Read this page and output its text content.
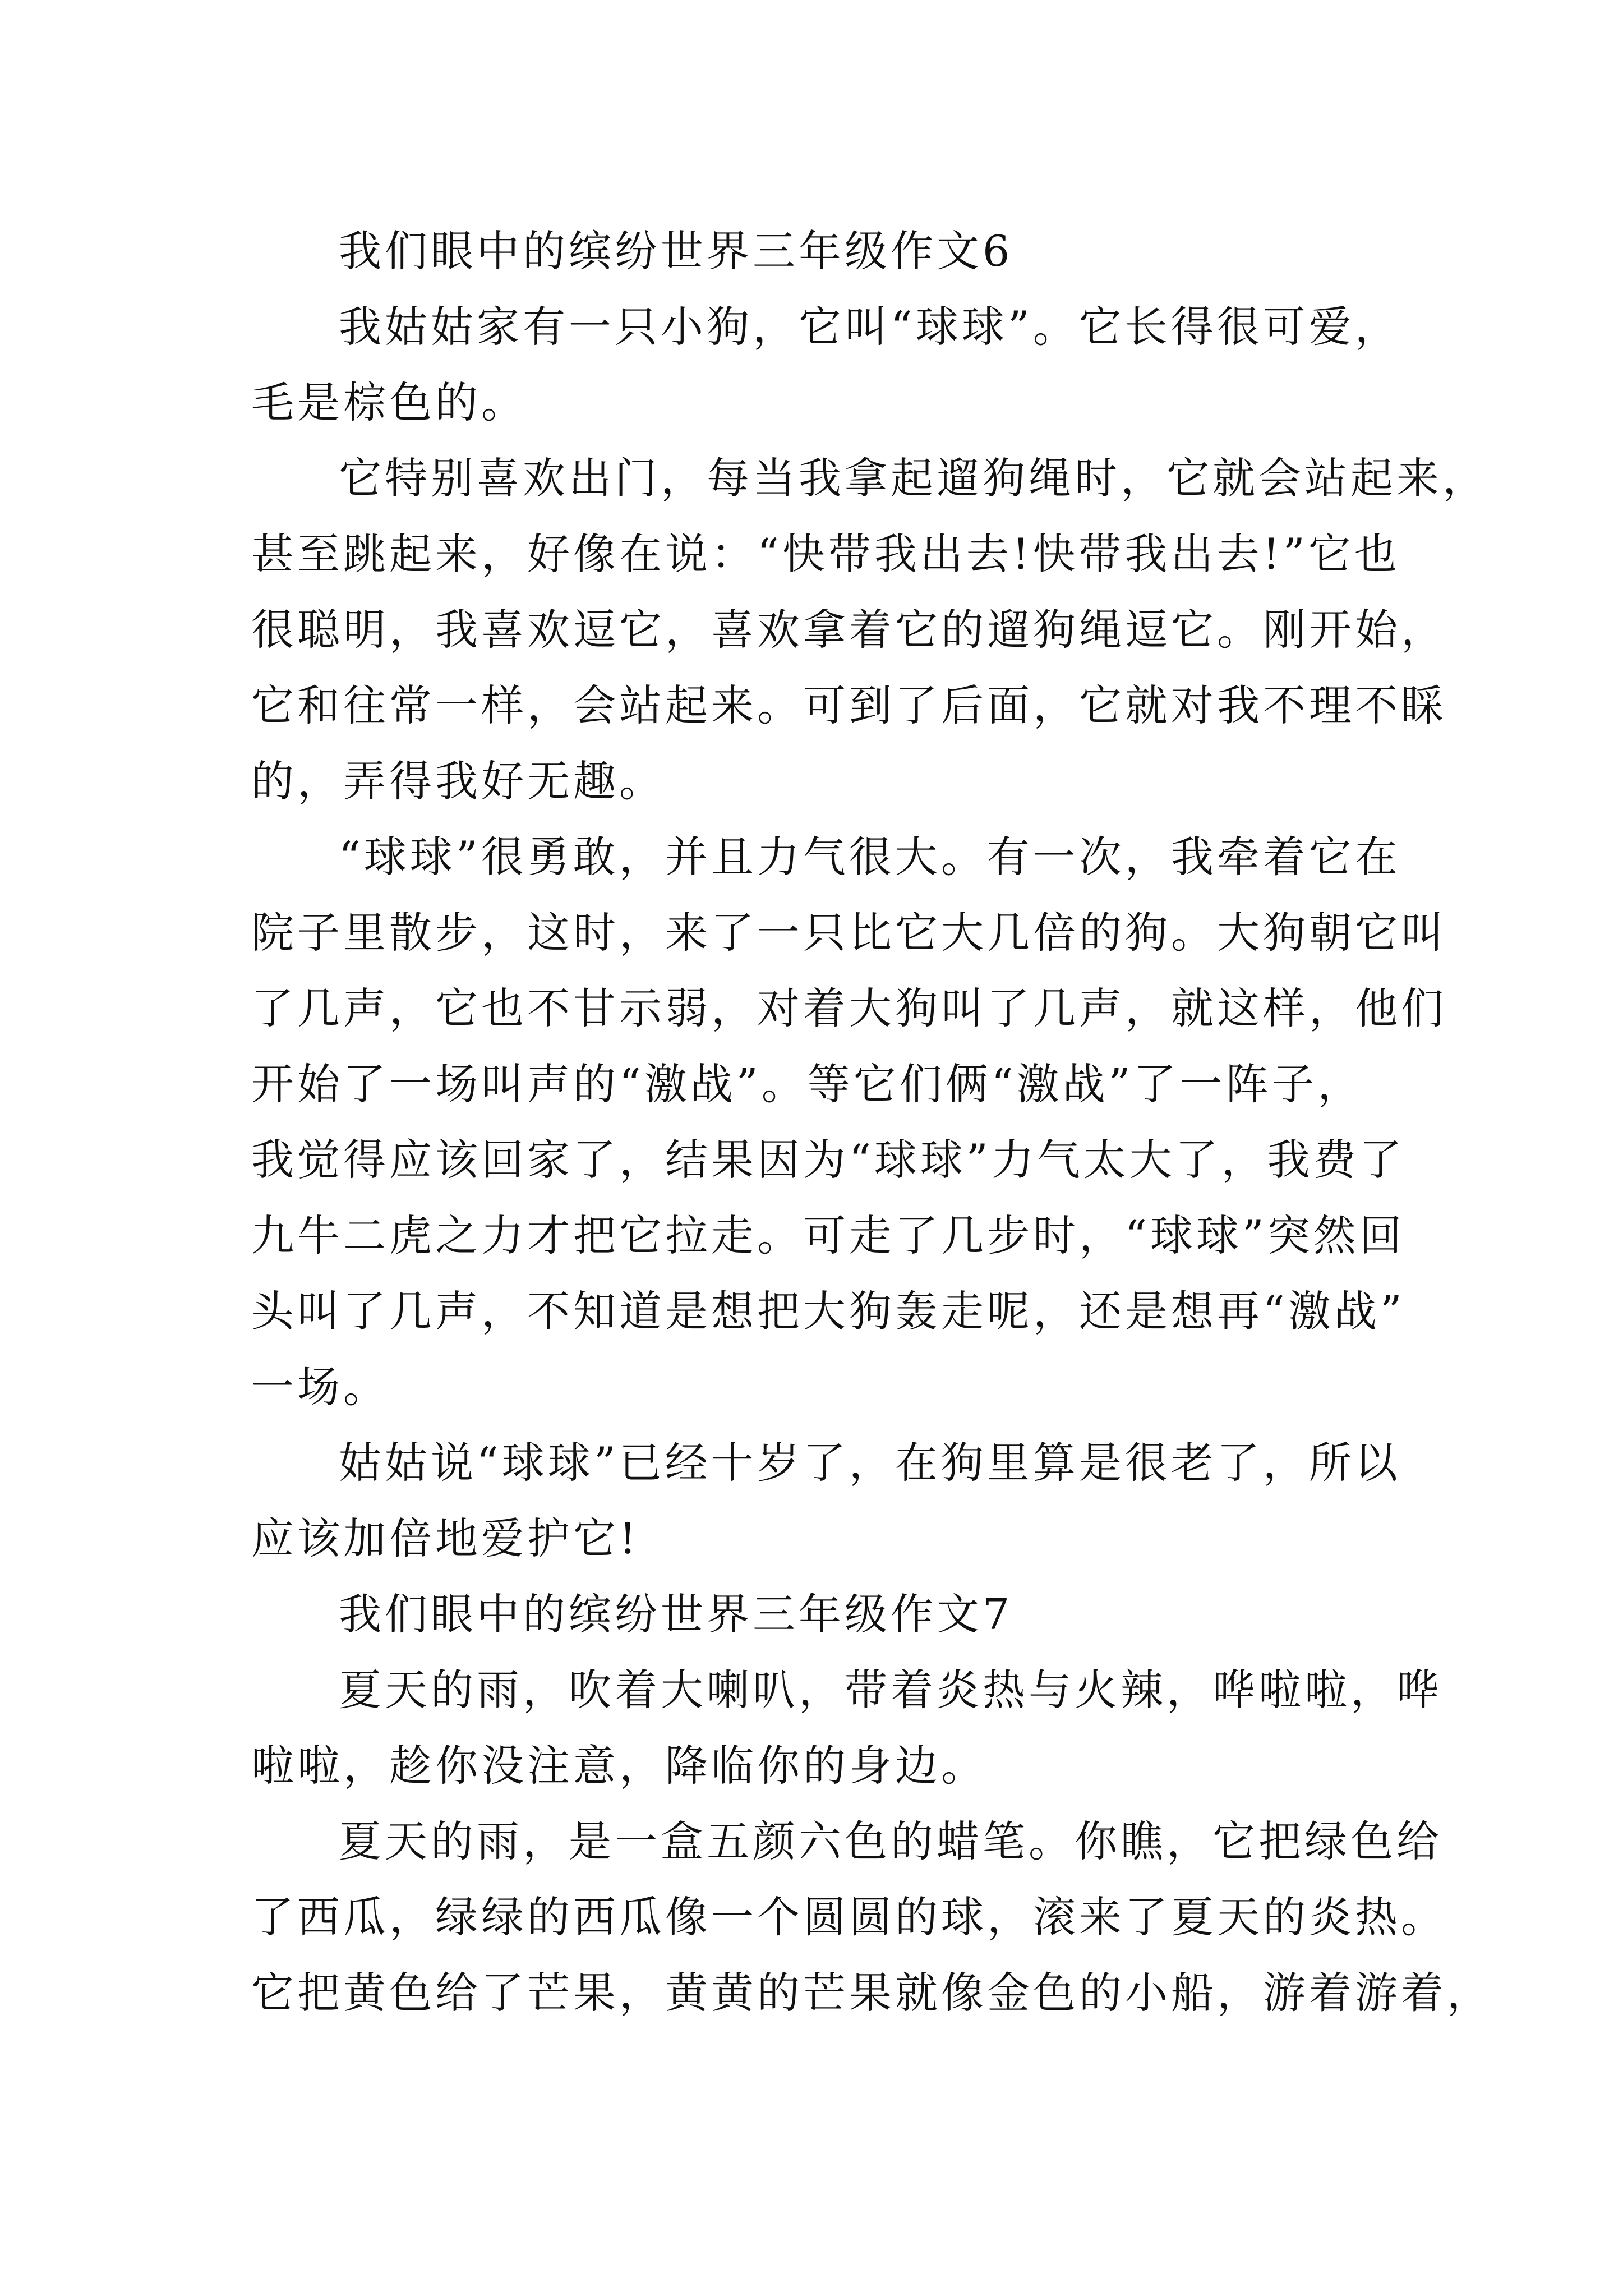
我们眼中的缤纷世界三年级作文6
我姑姑家有一只小狗，它叫“球球”。它长得很可爱，
毛是棕色的。
它特别喜欢出门，每当我拿起遛狗绳时，它就会站起来，
甚至跳起来，好像在说：“快带我出去!快带我出去!”它也
很聪明，我喜欢逗它，喜欢拿着它的遛狗绳逗它。刚开始，
它和往常一样，会站起来。可到了后面，它就对我不理不睬
的，弄得我好无趣。
“球球”很勇敢，并且力气很大。有一次，我牵着它在
院子里散步，这时，来了一只比它大几倍的狗。大狗朝它叫
了几声，它也不甘示弱，对着大狗叫了几声，就这样，他们
开始了一场叫声的“激战”。等它们俩“激战”了一阵子，
我觉得应该回家了，结果因为“球球”力气太大了，我费了
九牛二虎之力才把它拉走。可走了几步时，“球球”突然回
头叫了几声，不知道是想把大狗轰走呢，还是想再“激战”
一场。
姑姑说“球球”已经十岁了，在狗里算是很老了，所以
应该加倍地爱护它!
我们眼中的缤纷世界三年级作文7
夏天的雨，吹着大喇叭，带着炎热与火辣，哗啦啦，哗
啦啦，趁你没注意，降临你的身边。
夏天的雨，是一盒五颜六色的蜡笔。你瞧，它把绿色给
了西瓜，绿绿的西瓜像一个圆圆的球，滚来了夏天的炎热。
它把黄色给了芒果，黄黄的芒果就像金色的小船，游着游着，
